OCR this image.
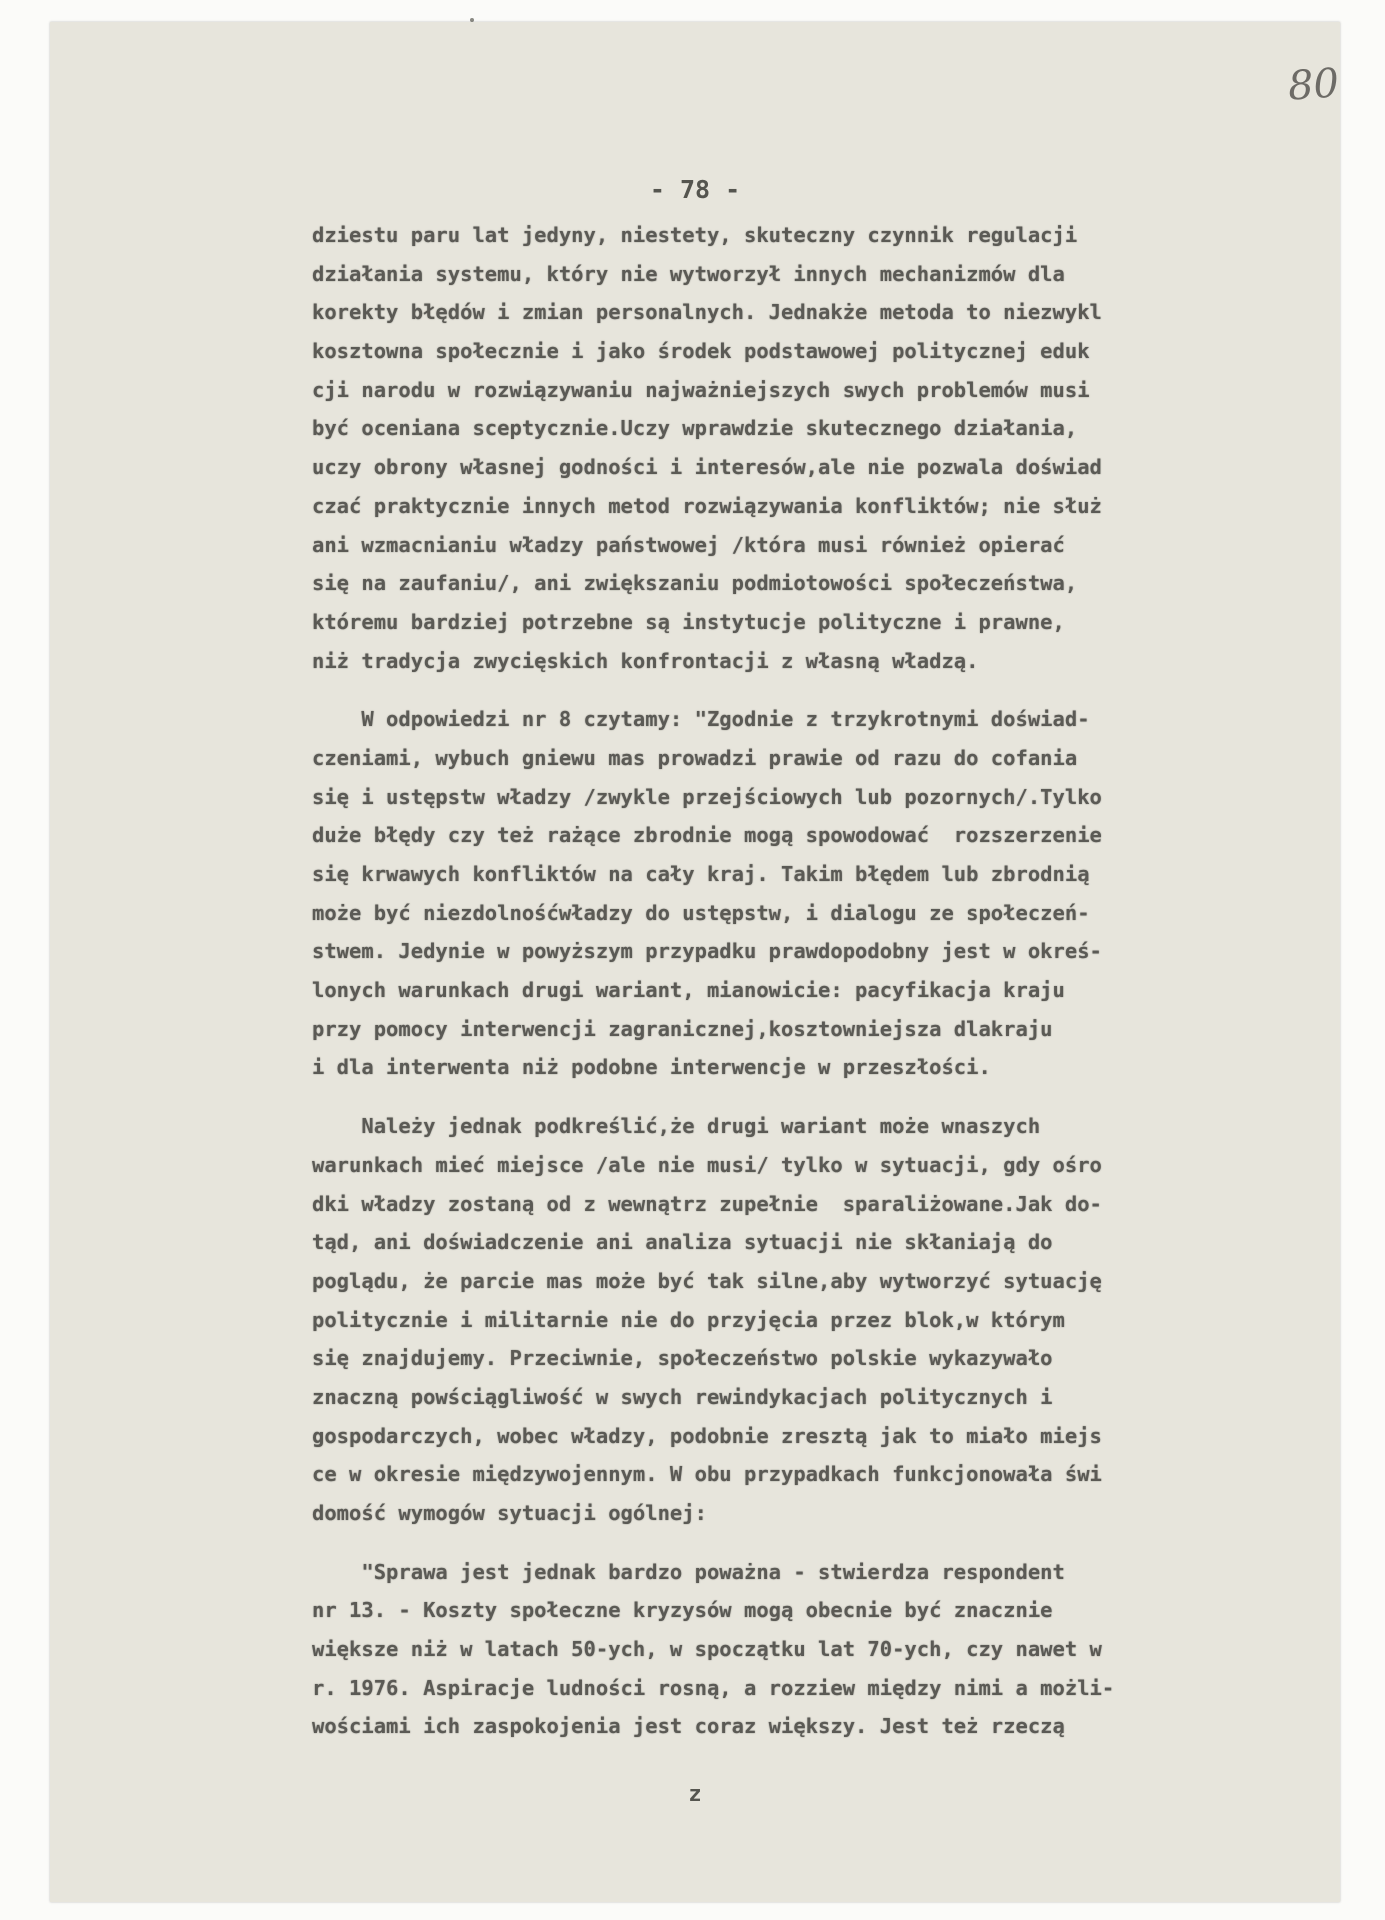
80
- 78 -
z
dziestu paru lat jedyny, niestety, skuteczny czynnik regulacji
działania systemu, który nie wytworzył innych mechanizmów dla
korekty błędów i zmian personalnych. Jednakże metoda to niezwykl
kosztowna społecznie i jako środek podstawowej politycznej eduk
cji narodu w rozwiązywaniu najważniejszych swych problemów musi
być oceniana sceptycznie.Uczy wprawdzie skutecznego działania,
uczy obrony własnej godności i interesów,ale nie pozwala doświad
czać praktycznie innych metod rozwiązywania konfliktów; nie służ
ani wzmacnianiu władzy państwowej /która musi również opierać
się na zaufaniu/, ani zwiększaniu podmiotowości społeczeństwa,
któremu bardziej potrzebne są instytucje polityczne i prawne,
niż tradycja zwycięskich konfrontacji z własną władzą.
W odpowiedzi nr 8 czytamy: "Zgodnie z trzykrotnymi doświad-
czeniami, wybuch gniewu mas prowadzi prawie od razu do cofania
się i ustępstw władzy /zwykle przejściowych lub pozornych/.Tylko
duże błędy czy też rażące zbrodnie mogą spowodować  rozszerzenie
się krwawych konfliktów na cały kraj. Takim błędem lub zbrodnią
może być niezdolnośćwładzy do ustępstw, i dialogu ze społeczeń-
stwem. Jedynie w powyższym przypadku prawdopodobny jest w okreś-
lonych warunkach drugi wariant, mianowicie: pacyfikacja kraju
przy pomocy interwencji zagranicznej,kosztowniejsza dlakraju
i dla interwenta niż podobne interwencje w przeszłości.
Należy jednak podkreślić,że drugi wariant może wnaszych
warunkach mieć miejsce /ale nie musi/ tylko w sytuacji, gdy ośro
dki władzy zostaną od z wewnątrz zupełnie  sparaliżowane.Jak do-
tąd, ani doświadczenie ani analiza sytuacji nie skłaniają do
poglądu, że parcie mas może być tak silne,aby wytworzyć sytuację
politycznie i militarnie nie do przyjęcia przez blok,w którym
się znajdujemy. Przeciwnie, społeczeństwo polskie wykazywało
znaczną powściągliwość w swych rewindykacjach politycznych i
gospodarczych, wobec władzy, podobnie zresztą jak to miało miejs
ce w okresie międzywojennym. W obu przypadkach funkcjonowała świ
domość wymogów sytuacji ogólnej:
"Sprawa jest jednak bardzo poważna - stwierdza respondent
nr 13. - Koszty społeczne kryzysów mogą obecnie być znacznie
większe niż w latach 50-ych, w spoczątku lat 70-ych, czy nawet w
r. 1976. Aspiracje ludności rosną, a rozziew między nimi a możli-
wościami ich zaspokojenia jest coraz większy. Jest też rzeczą
